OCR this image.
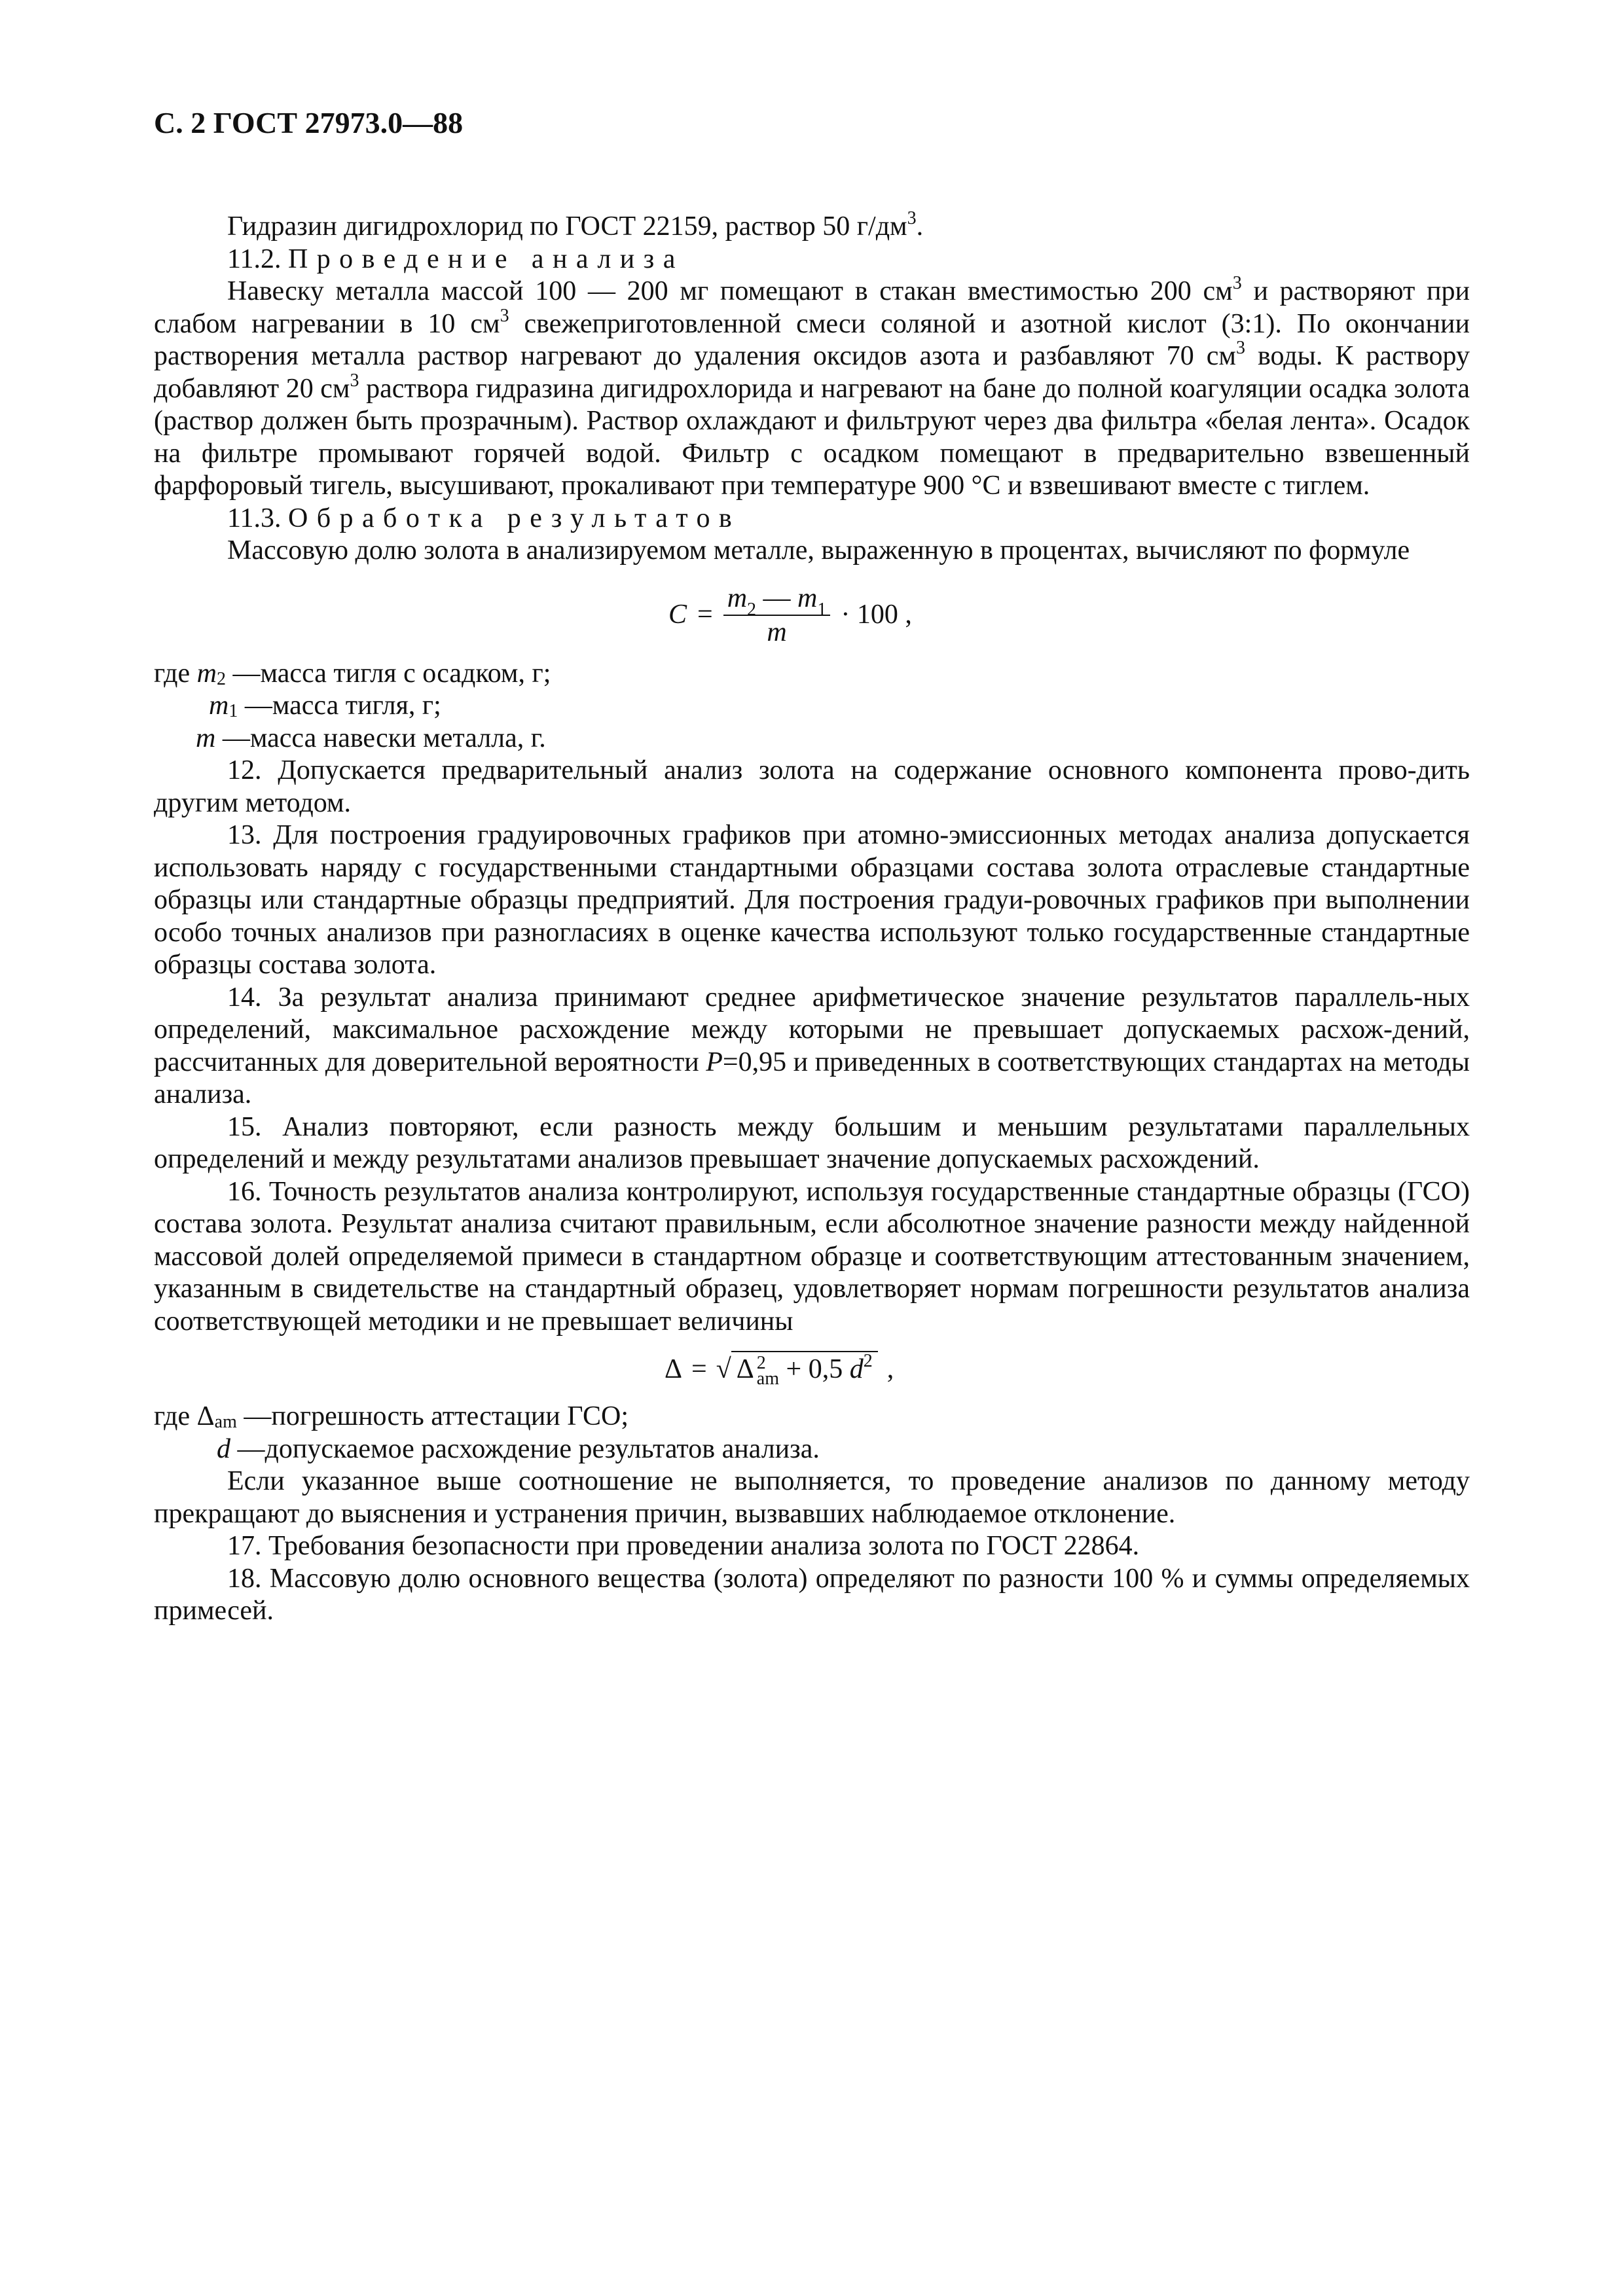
С. 2 ГОСТ 27973.0—88

Гидразин дигидрохлорид по ГОСТ 22159, раствор 50 $г/дм^3$.

11.2. Проведение анализа

Навеску металла массой 100 — 200 мг помещают в стакан вместимостью 200 $см^3$ и растворяют при слабом нагревании в 10 $см^3$ свежеприготовленной смеси соляной и азотной кислот (3:1). По окончании растворения металла раствор нагревают до удаления оксидов азота и разбавляют 70 $см^3$ воды. К раствору добавляют 20 $см^3$ раствора гидразина дигидрохлорида и нагревают на бане до полной коагуляции осадка золота (раствор должен быть прозрачным). Раствор охлаждают и фильтруют через два фильтра «белая лента». Осадок на фильтре промывают горячей водой. Фильтр с осадком помещают в предварительно взвешенный фарфоровый тигель, высушивают, прокаливают при температуре 900 °С и взвешивают вместе с тиглем.

11.3. Обработка результатов

Массовую долю золота в анализируемом металле, выраженную в процентах, вычисляют по формуле

$C = \frac{m_2 — m_1}{m} \cdot 100$ ,
где
$m_2$
—масса тигля с осадком, г;
$m_1$
—масса тигля, г;
m
—масса навески металла, г.

12. Допускается предварительный анализ золота на содержание основного компонента прово-дить другим методом.

13. Для построения градуировочных графиков при атомно-эмиссионных методах анализа допускается использовать наряду с государственными стандартными образцами состава золота отраслевые стандартные образцы или стандартные образцы предприятий. Для построения градуи-ровочных графиков при выполнении особо точных анализов при разногласиях в оценке качества используют только государственные стандартные образцы состава золота.

14. За результат анализа принимают среднее арифметическое значение результатов параллель-ных определений, максимальное расхождение между которыми не превышает допускаемых расхож-дений, рассчитанных для доверительной вероятности P=0,95 и приведенных в соответствующих стандартах на методы анализа.

15. Анализ повторяют, если разность между большим и меньшим результатами параллельных определений и между результатами анализов превышает значение допускаемых расхождений.

16. Точность результатов анализа контролируют, используя государственные стандартные образцы (ГСО) состава золота. Результат анализа считают правильным, если абсолютное значение разности между найденной массовой долей определяемой примеси в стандартном образце и соответствующим аттестованным значением, указанным в свидетельстве на стандартный образец, удовлетворяет нормам погрешности результатов анализа соответствующей методики и не превышает величины

Δ = √ Δ 2
am + 0,5 $d^2$ ,
где
$\Delta_{am}$
—погрешность аттестации ГСО;
d
—допускаемое расхождение результатов анализа.

Если указанное выше соотношение не выполняется, то проведение анализов по данному методу прекращают до выяснения и устранения причин, вызвавших наблюдаемое отклонение.

17. Требования безопасности при проведении анализа золота по ГОСТ 22864.

18. Массовую долю основного вещества (золота) определяют по разности 100 % и суммы определяемых примесей.
